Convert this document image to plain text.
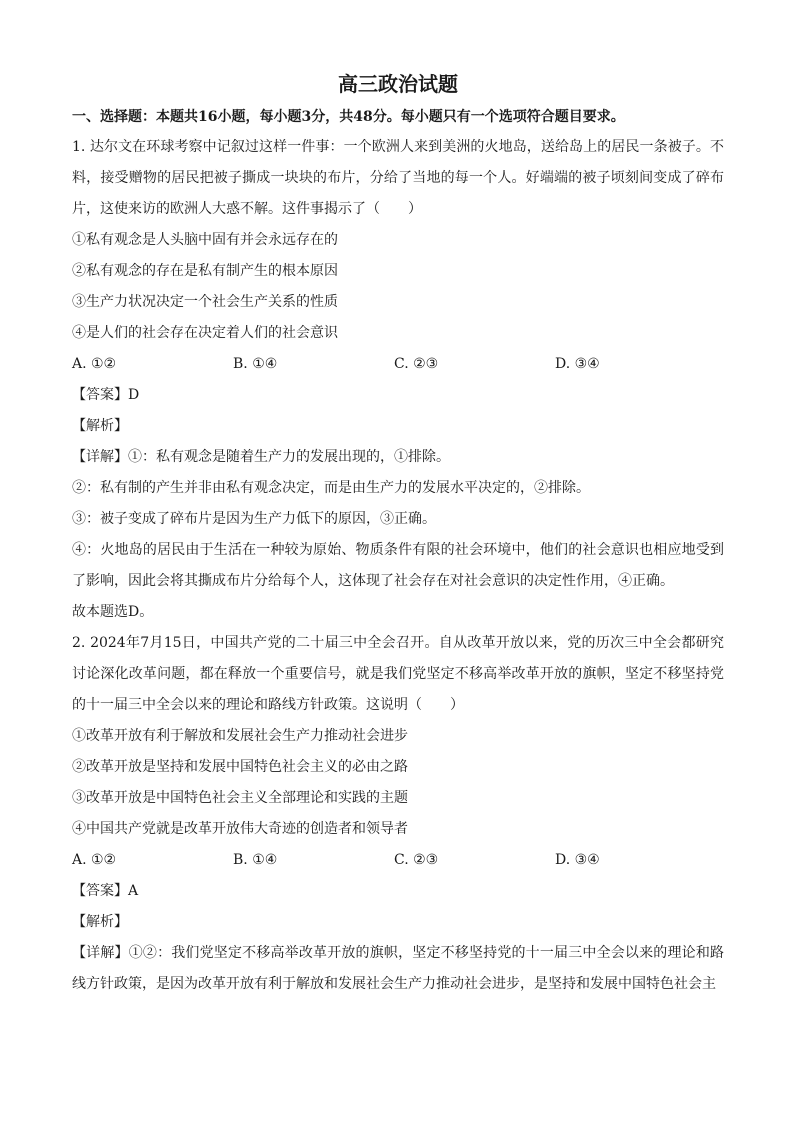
高三政治试题

一、选择题：本题共16小题，每小题3分，共48分。每小题只有一个选项符合题目要求。

1. 达尔文在环球考察中记叙过这样一件事：一个欧洲人来到美洲的火地岛，送给岛上的居民一条被子。不料，接受赠物的居民把被子撕成一块块的布片，分给了当地的每一个人。好端端的被子顷刻间变成了碎布片，这使来访的欧洲人大惑不解。这件事揭示了（　　）

①私有观念是人头脑中固有并会永远存在的

②私有观念的存在是私有制产生的根本原因

③生产力状况决定一个社会生产关系的性质

④是人们的社会存在决定着人们的社会意识

A. ①②	B. ①④	C. ②③	D. ③④

【答案】D

【解析】

【详解】①：私有观念是随着生产力的发展出现的，①排除。

②：私有制的产生并非由私有观念决定，而是由生产力的发展水平决定的，②排除。

③：被子变成了碎布片是因为生产力低下的原因，③正确。

④：火地岛的居民由于生活在一种较为原始、物质条件有限的社会环境中，他们的社会意识也相应地受到了影响，因此会将其撕成布片分给每个人，这体现了社会存在对社会意识的决定性作用，④正确。

故本题选D。

2. 2024年7月15日，中国共产党的二十届三中全会召开。自从改革开放以来，党的历次三中全会都研究讨论深化改革问题，都在释放一个重要信号，就是我们党坚定不移高举改革开放的旗帜，坚定不移坚持党的十一届三中全会以来的理论和路线方针政策。这说明（　　）

①改革开放有利于解放和发展社会生产力推动社会进步

②改革开放是坚持和发展中国特色社会主义的必由之路

③改革开放是中国特色社会主义全部理论和实践的主题

④中国共产党就是改革开放伟大奇迹的创造者和领导者

A. ①②	B. ①④	C. ②③	D. ③④

【答案】A

【解析】

【详解】①②：我们党坚定不移高举改革开放的旗帜，坚定不移坚持党的十一届三中全会以来的理论和路线方针政策，是因为改革开放有利于解放和发展社会生产力推动社会进步，是坚持和发展中国特色社会主
